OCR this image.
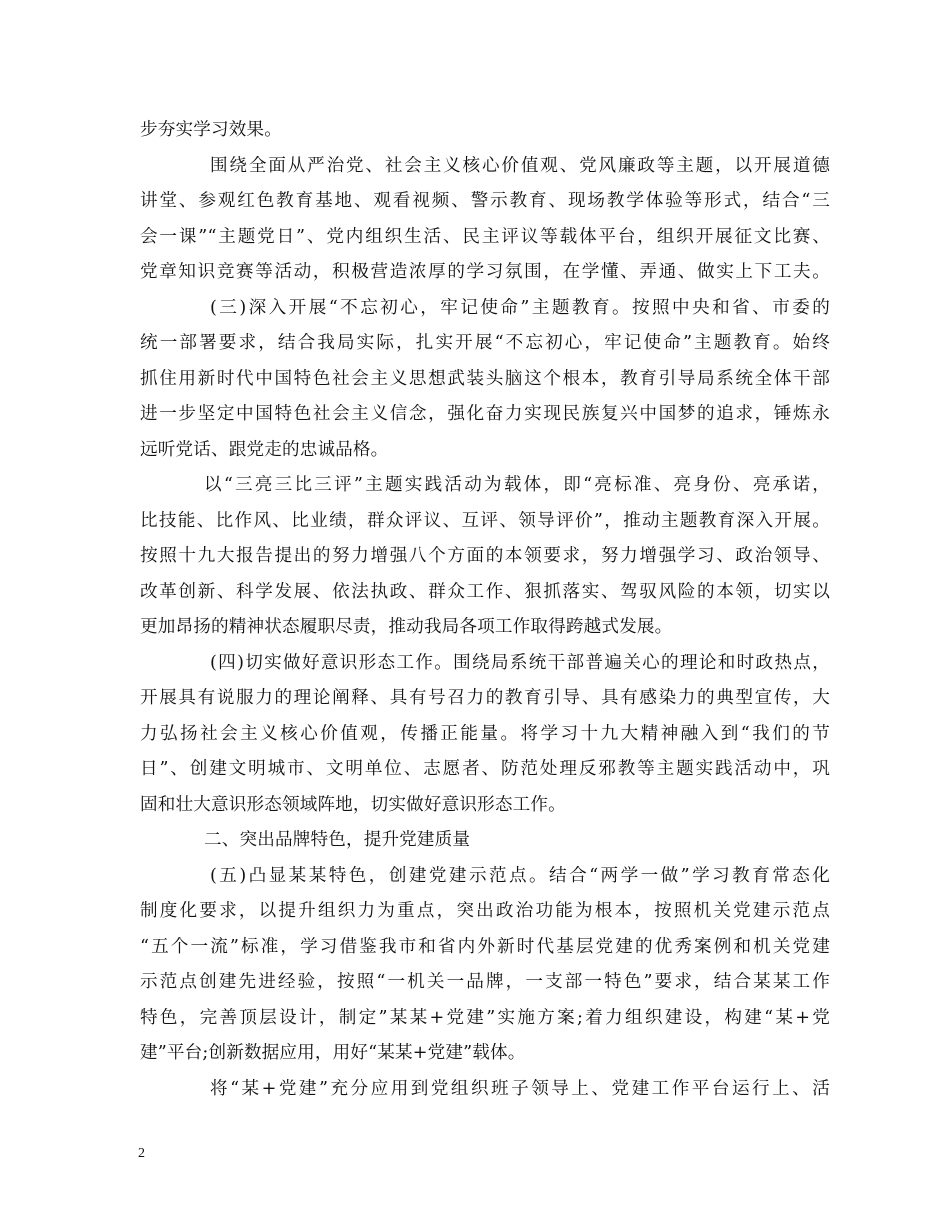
步夯实学习效果。
围绕全面从严治党、社会主义核心价值观、党风廉政等主题，以开展道德
讲堂、参观红色教育基地、观看视频、警示教育、现场教学体验等形式，结合“三
会一课”“主题党日”、党内组织生活、民主评议等载体平台，组织开展征文比赛、
党章知识竞赛等活动，积极营造浓厚的学习氛围，在学懂、弄通、做实上下工夫。
(三)深入开展“不忘初心，牢记使命”主题教育。按照中央和省、市委的
统一部署要求，结合我局实际，扎实开展“不忘初心，牢记使命”主题教育。始终
抓住用新时代中国特色社会主义思想武装头脑这个根本，教育引导局系统全体干部
进一步坚定中国特色社会主义信念，强化奋力实现民族复兴中国梦的追求，锤炼永
远听党话、跟党走的忠诚品格。
以“三亮三比三评”主题实践活动为载体，即“亮标准、亮身份、亮承诺，
比技能、比作风、比业绩，群众评议、互评、领导评价”，推动主题教育深入开展。
按照十九大报告提出的努力增强八个方面的本领要求，努力增强学习、政治领导、
改革创新、科学发展、依法执政、群众工作、狠抓落实、驾驭风险的本领，切实以
更加昂扬的精神状态履职尽责，推动我局各项工作取得跨越式发展。
(四)切实做好意识形态工作。围绕局系统干部普遍关心的理论和时政热点，
开展具有说服力的理论阐释、具有号召力的教育引导、具有感染力的典型宣传，大
力弘扬社会主义核心价值观，传播正能量。将学习十九大精神融入到“我们的节
日”、创建文明城市、文明单位、志愿者、防范处理反邪教等主题实践活动中，巩
固和壮大意识形态领域阵地，切实做好意识形态工作。
二、突出品牌特色，提升党建质量
(五)凸显某某特色，创建党建示范点。结合“两学一做”学习教育常态化
制度化要求，以提升组织力为重点，突出政治功能为根本，按照机关党建示范点
“五个一流”标准，学习借鉴我市和省内外新时代基层党建的优秀案例和机关党建
示范点创建先进经验，按照“一机关一品牌，一支部一特色”要求，结合某某工作
特色，完善顶层设计，制定”某某+党建”实施方案;着力组织建设，构建“某+党
建”平台;创新数据应用，用好“某某+党建”载体。
将“某+党建”充分应用到党组织班子领导上、党建工作平台运行上、活
2
